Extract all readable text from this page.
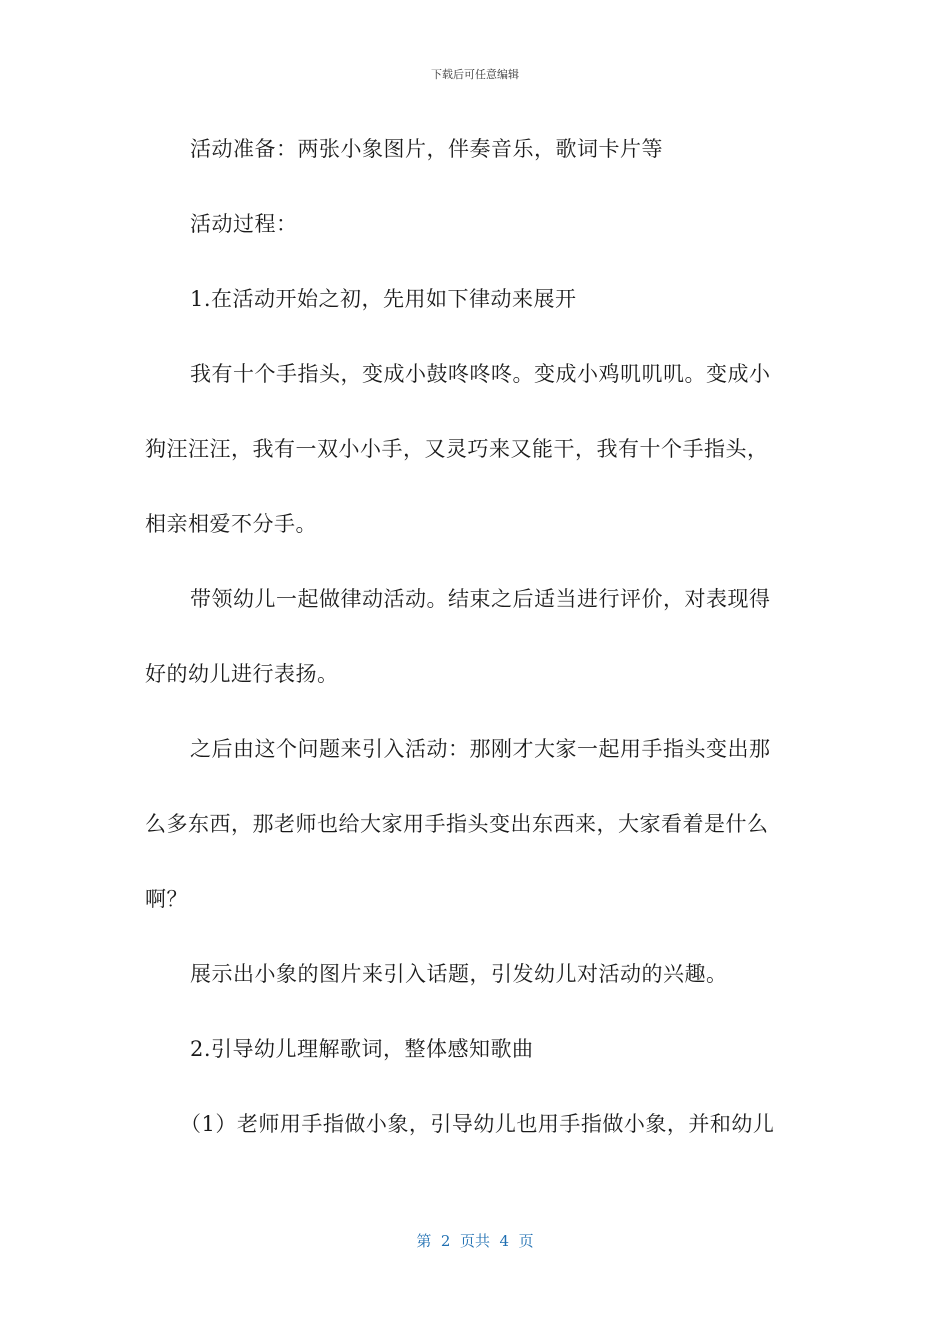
下载后可任意编辑
活动准备：两张小象图片，伴奏音乐，歌词卡片等
活动过程：
1.在活动开始之初，先用如下律动来展开
我有十个手指头，变成小鼓咚咚咚。变成小鸡叽叽叽。变成小
狗汪汪汪，我有一双小小手，又灵巧来又能干，我有十个手指头，
相亲相爱不分手。
带领幼儿一起做律动活动。结束之后适当进行评价，对表现得
好的幼儿进行表扬。
之后由这个问题来引入活动：那刚才大家一起用手指头变出那
么多东西，那老师也给大家用手指头变出东西来，大家看着是什么
啊？
展示出小象的图片来引入话题，引发幼儿对活动的兴趣。
2.引导幼儿理解歌词，整体感知歌曲
（1）老师用手指做小象，引导幼儿也用手指做小象，并和幼儿
第  2  页共  4  页
